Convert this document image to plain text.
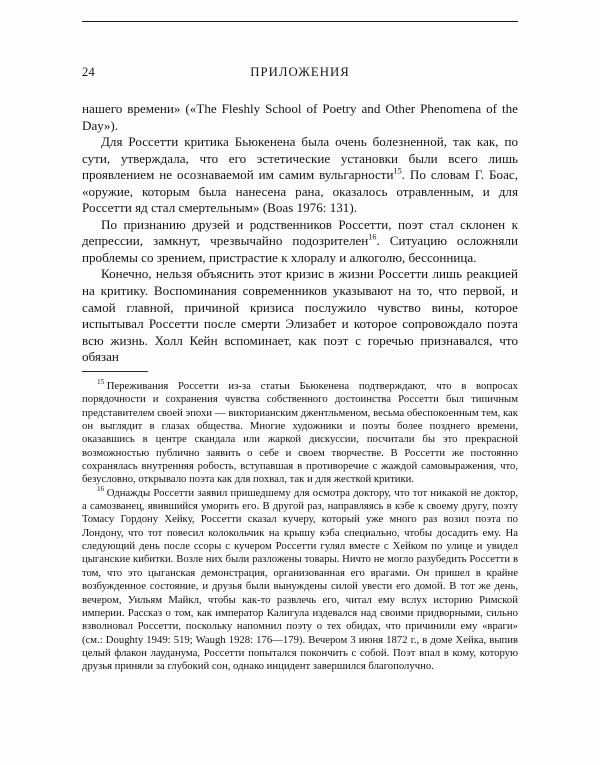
24	ПРИЛОЖЕНИЯ

нашего времени» («The Fleshly School of Poetry and Other Phenomena of the Day»).

Для Россетти критика Бьюкенена была очень болезненной, так как, по сути, утверждала, что его эстетические установки были всего лишь проявлением не осознаваемой им самим вульгарности$^{15}$. По словам Г. Боас, «оружие, которым была нанесена рана, оказалось отравленным, и для Россетти яд стал смертельным» (Boas 1976: 131).

По признанию друзей и родственников Россетти, поэт стал склонен к депрессии, замкнут, чрезвычайно подозрителен$^{16}$. Ситуацию осложняли проблемы со зрением, пристрастие к хлоралу и алкоголю, бессонница.

Конечно, нельзя объяснить этот кризис в жизни Россетти лишь реакцией на критику. Воспоминания современников указывают на то, что первой, и самой главной, причиной кризиса послужило чувство вины, которое испытывал Россетти после смерти Элизабет и которое сопровождало поэта всю жизнь. Холл Кейн вспоминает, как поэт с горечью признавался, что обязан

$^{15}$ Переживания Россетти из-за статьи Бьюкенена подтверждают, что в вопросах порядочности и сохранения чувства собственного достоинства Россетти был типичным представителем своей эпохи — викторианским джентльменом, весьма обеспокоенным тем, как он выглядит в глазах общества. Многие художники и поэты более позднего времени, оказавшись в центре скандала или жаркой дискуссии, посчитали бы это прекрасной возможностью публично заявить о себе и своем творчестве. В Россетти же постоянно сохранялась внутренняя робость, вступавшая в противоречие с жаждой самовыражения, что, безусловно, открывало поэта как для похвал, так и для жесткой критики.

$^{16}$ Однажды Россетти заявил пришедшему для осмотра доктору, что тот никакой не доктор, а самозванец, явившийся уморить его. В другой раз, направляясь в кэбе к своему другу, поэту Томасу Гордону Хейку, Россетти сказал кучеру, который уже много раз возил поэта по Лондону, что тот повесил колокольчик на крышу кэба специально, чтобы досадить ему. На следующий день после ссоры с кучером Россетти гулял вместе с Хейком по улице и увидел цыганские кибитки. Возле них были разложены товары. Ничто не могло разубедить Россетти в том, что это цыганская демонстрация, организованная его врагами. Он пришел в крайне возбужденное состояние, и друзья были вынуждены силой увести его домой. В тот же день, вечером, Уильям Майкл, чтобы как-то развлечь его, читал ему вслух историю Римской империи. Рассказ о том, как император Калигула издевался над своими придворными, сильно взволновал Россетти, поскольку напомнил поэту о тех обидах, что причинили ему «враги» (см.: Doughty 1949: 519; Waugh 1928: 176—179). Вечером 3 июня 1872 г., в доме Хейка, выпив целый флакон лауданума, Россетти попытался покончить с собой. Поэт впал в кому, которую друзья приняли за глубокий сон, однако инцидент завершился благополучно.
